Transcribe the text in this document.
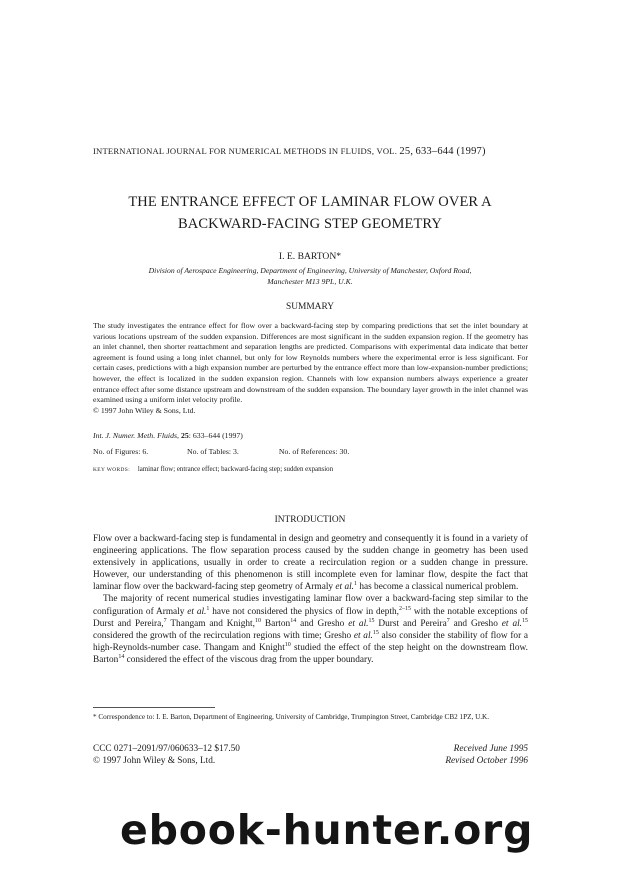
INTERNATIONAL JOURNAL FOR NUMERICAL METHODS IN FLUIDS, VOL. 25, 633–644 (1997)
THE ENTRANCE EFFECT OF LAMINAR FLOW OVER A
BACKWARD-FACING STEP GEOMETRY
I. E. BARTON*
Division of Aerospace Engineering, Department of Engineering, University of Manchester, Oxford Road,
Manchester M13 9PL, U.K.
SUMMARY
The study investigates the entrance effect for flow over a backward-facing step by comparing predictions that set the inlet boundary at various locations upstream of the sudden expansion. Differences are most significant in the sudden expansion region. If the geometry has an inlet channel, then shorter reattachment and separation lengths are predicted. Comparisons with experimental data indicate that better agreement is found using a long inlet channel, but only for low Reynolds numbers where the experimental error is less significant. For certain cases, predictions with a high expansion number are perturbed by the entrance effect more than low-expansion-number predictions; however, the effect is localized in the sudden expansion region. Channels with low expansion numbers always experience a greater entrance effect after some distance upstream and downstream of the sudden expansion. The boundary layer growth in the inlet channel was examined using a uniform inlet velocity profile.
© 1997 John Wiley & Sons, Ltd.
Int. J. Numer. Meth. Fluids, 25: 633–644 (1997)
No. of Figures: 6.	No. of Tables: 3.	No. of References: 30.
KEY WORDS: laminar flow; entrance effect; backward-facing step; sudden expansion
INTRODUCTION

Flow over a backward-facing step is fundamental in design and geometry and consequently it is found in a variety of engineering applications. The flow separation process caused by the sudden change in geometry has been used extensively in applications, usually in order to create a recirculation region or a sudden change in pressure. However, our understanding of this phenomenon is still incomplete even for laminar flow, despite the fact that laminar flow over the backward-facing step geometry of Armaly et al.$^1$ has become a classical numerical problem.

The majority of recent numerical studies investigating laminar flow over a backward-facing step similar to the configuration of Armaly et al.$^1$ have not considered the physics of flow in depth,$^{2-15}$ with the notable exceptions of Durst and Pereira,$^7$ Thangam and Knight,$^{10}$ Barton$^{14}$ and Gresho et al.$^{15}$ Durst and Pereira$^7$ and Gresho et al.$^{15}$ considered the growth of the recirculation regions with time; Gresho et al.$^{15}$ also consider the stability of flow for a high-Reynolds-number case. Thangam and Knight$^{10}$ studied the effect of the step height on the downstream flow. Barton$^{14}$ considered the effect of the viscous drag from the upper boundary.

* Correspondence to: I. E. Barton, Department of Engineering, University of Cambridge, Trumpington Street, Cambridge CB2 1PZ, U.K.
CCC 0271–2091/97/060633–12 $17.50
© 1997 John Wiley & Sons, Ltd.
Received June 1995
Revised October 1996
ebook-hunter.org
